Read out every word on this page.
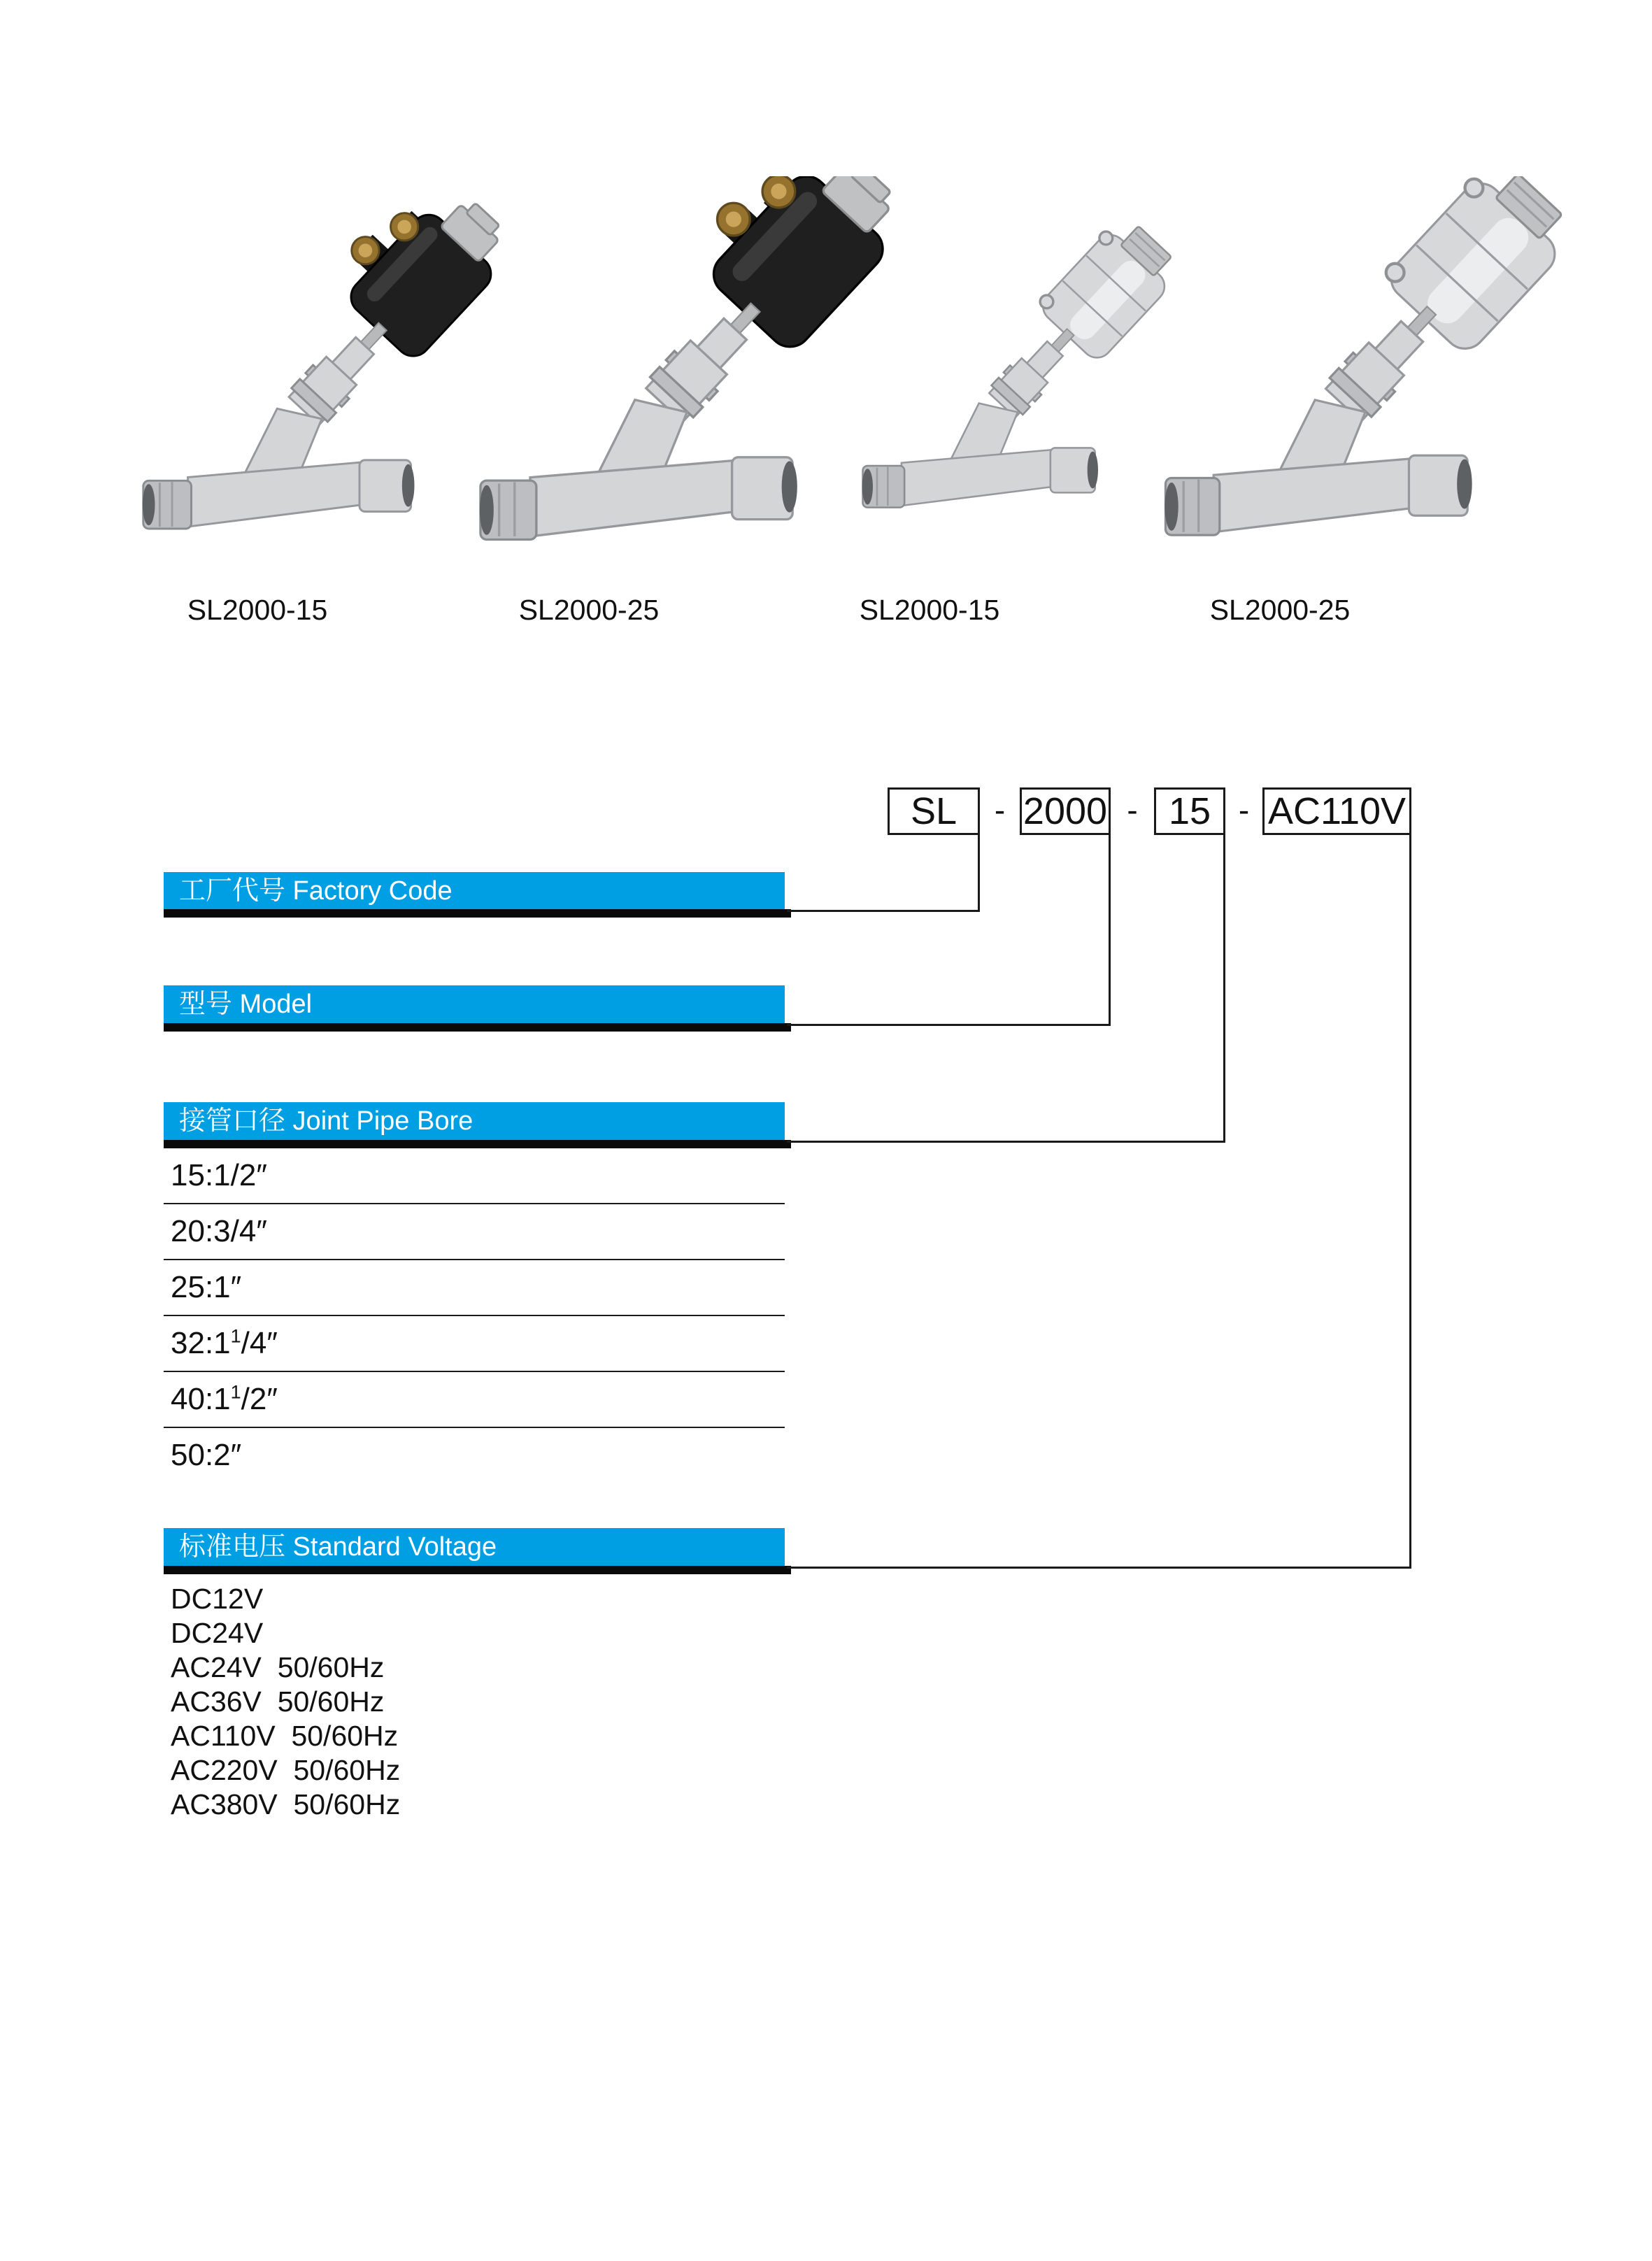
SL2000-15	SL2000-25	SL2000-15	SL2000-25
SL	- 2000 - 15 - AC110V
工厂代号 Factory Code
型号 Model
接管口径 Joint Pipe Bore
标准电压 Standard Voltage
15:1/2″
20:3/4″
25:1″
$32:1^1/4''$
$40:1^1/2''$
50:2″
DC12V
DC24V
AC24V  50/60Hz
AC36V  50/60Hz
AC110V  50/60Hz
AC220V  50/60Hz
AC380V  50/60Hz
